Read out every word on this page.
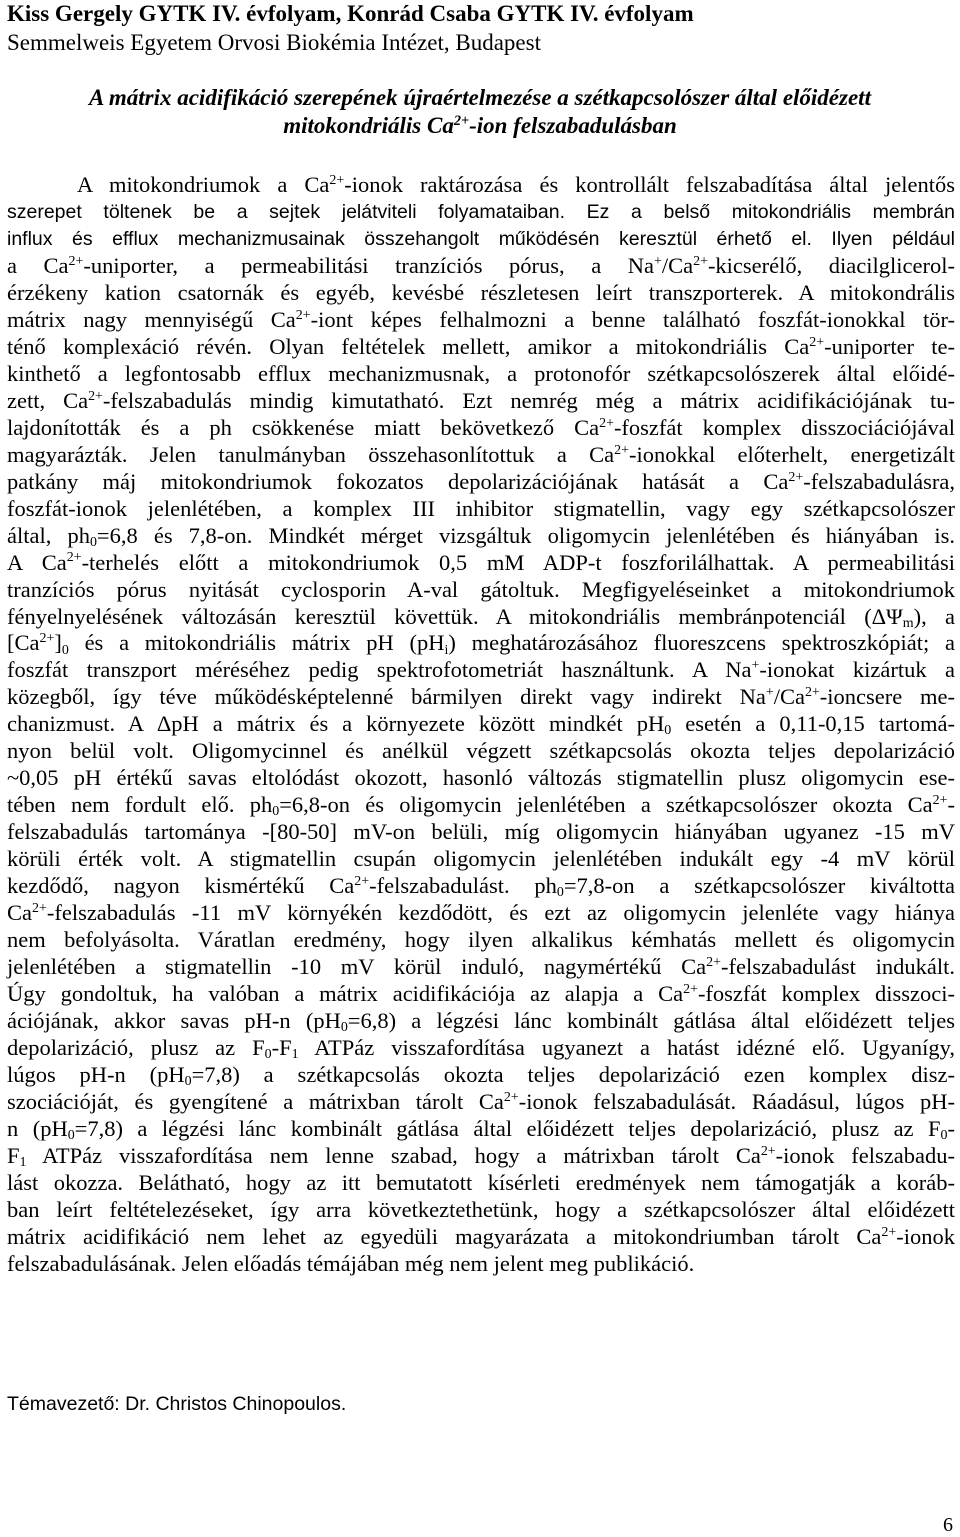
Kiss Gergely GYTK IV. évfolyam, Konrád Csaba GYTK IV. évfolyam
Semmelweis Egyetem Orvosi Biokémia Intézet, Budapest
A mátrix acidifikáció szerepének újraértelmezése a szétkapcsolószer által előidézett
mitokondriális $Ca^{2+}$-ion felszabadulásban
A mitokondriumok a $Ca^{2+}$-ionok raktározása és kontrollált felszabadítása által jelentős
szerepet töltenek be a sejtek jelátviteli folyamataiban. Ez a belső mitokondriális membrán
influx és efflux mechanizmusainak összehangolt működésén keresztül érhető el. Ilyen például
a $Ca^{2+}$-uniporter, a permeabilitási tranzíciós pórus, a $Na^+/Ca^{2+}$-kicserélő, diacilglicerol-
érzékeny kation csatornák és egyéb, kevésbé részletesen leírt transzporterek. A mitokondrális
mátrix nagy mennyiségű $Ca^{2+}$-iont képes felhalmozni a benne található foszfát-ionokkal tör-
ténő komplexáció révén. Olyan feltételek mellett, amikor a mitokondriális $Ca^{2+}$-uniporter te-
kinthető a legfontosabb efflux mechanizmusnak, a protonofór szétkapcsolószerek által előidé-
zett, $Ca^{2+}$-felszabadulás mindig kimutatható. Ezt nemrég még a mátrix acidifikációjának tu-
lajdonították és a ph csökkenése miatt bekövetkező $Ca^{2+}$-foszfát komplex disszociációjával
magyarázták. Jelen tanulmányban összehasonlítottuk a $Ca^{2+}$-ionokkal előterhelt, energetizált
patkány máj mitokondriumok fokozatos depolarizációjának hatását a $Ca^{2+}$-felszabadulásra,
foszfát-ionok jelenlétében, a komplex III inhibitor stigmatellin, vagy egy szétkapcsolószer
által, $ph_0=6,8$ és 7,8-on. Mindkét mérget vizsgáltuk oligomycin jelenlétében és hiányában is.
A $Ca^{2+}$-terhelés előtt a mitokondriumok 0,5 mM ADP-t foszforilálhattak. A permeabilitási
tranzíciós pórus nyitását cyclosporin A-val gátoltuk. Megfigyeléseinket a mitokondriumok
fényelnyelésének változásán keresztül követtük. A mitokondriális membránpotenciál $(\Delta\Psi_m)$, a
$[Ca^{2+}]_0$ és a mitokondriális mátrix pH $(pH_i)$ meghatározásához fluoreszcens spektroszkópiát; a
foszfát transzport méréséhez pedig spektrofotometriát használtunk. A Na+-ionokat kizártuk a
közegből, így téve működésképtelenné bármilyen direkt vagy indirekt $Na^+/Ca^{2+}$-ioncsere me-
chanizmust. A ΔpH a mátrix és a környezete között mindkét $pH_0$ esetén a 0,11-0,15 tartomá-
nyon belül volt. Oligomycinnel és anélkül végzett szétkapcsolás okozta teljes depolarizáció
~0,05 pH értékű savas eltolódást okozott, hasonló változás stigmatellin plusz oligomycin ese-
tében nem fordult elő. $ph_0=6,8-on$ és oligomycin jelenlétében a szétkapcsolószer okozta $Ca^{2+}-$
felszabadulás tartománya -[80-50] mV-on belüli, míg oligomycin hiányában ugyanez -15 mV
körüli érték volt. A stigmatellin csupán oligomycin jelenlétében indukált egy -4 mV körül
kezdődő, nagyon kismértékű $Ca^{2+}$-felszabadulást. $ph_0=7,8-on$ a szétkapcsolószer kiváltotta
$Ca^{2+}$-felszabadulás -11 mV környékén kezdődött, és ezt az oligomycin jelenléte vagy hiánya
nem befolyásolta. Váratlan eredmény, hogy ilyen alkalikus kémhatás mellett és oligomycin
jelenlétében a stigmatellin -10 mV körül induló, nagymértékű $Ca^{2+}$-felszabadulást indukált.
Úgy gondoltuk, ha valóban a mátrix acidifikációja az alapja a $Ca^{2+}$-foszfát komplex disszoci-
ációjának, akkor savas pH-n $(pH_0=6,8)$ a légzési lánc kombinált gátlása által előidézett teljes
depolarizáció, plusz az $F_0-F_1$ ATPáz visszafordítása ugyanezt a hatást idézné elő. Ugyanígy,
lúgos pH-n $(pH_0=7,8)$ a szétkapcsolás okozta teljes depolarizáció ezen komplex disz-
szociációját, és gyengítené a mátrixban tárolt $Ca^{2+}$-ionok felszabadulását. Ráadásul, lúgos pH-
n $(pH_0=7,8)$ a légzési lánc kombinált gátlása által előidézett teljes depolarizáció, plusz az $F_0-$
$F_1$ ATPáz visszafordítása nem lenne szabad, hogy a mátrixban tárolt $Ca^{2+}$-ionok felszabadu-
lást okozza. Belátható, hogy az itt bemutatott kísérleti eredmények nem támogatják a koráb-
ban leírt feltételezéseket, így arra következtethetünk, hogy a szétkapcsolószer által előidézett
mátrix acidifikáció nem lehet az egyedüli magyarázata a mitokondriumban tárolt $Ca^{2+}$-ionok
felszabadulásának. Jelen előadás témájában még nem jelent meg publikáció.
Témavezető: Dr. Christos Chinopoulos.
6
